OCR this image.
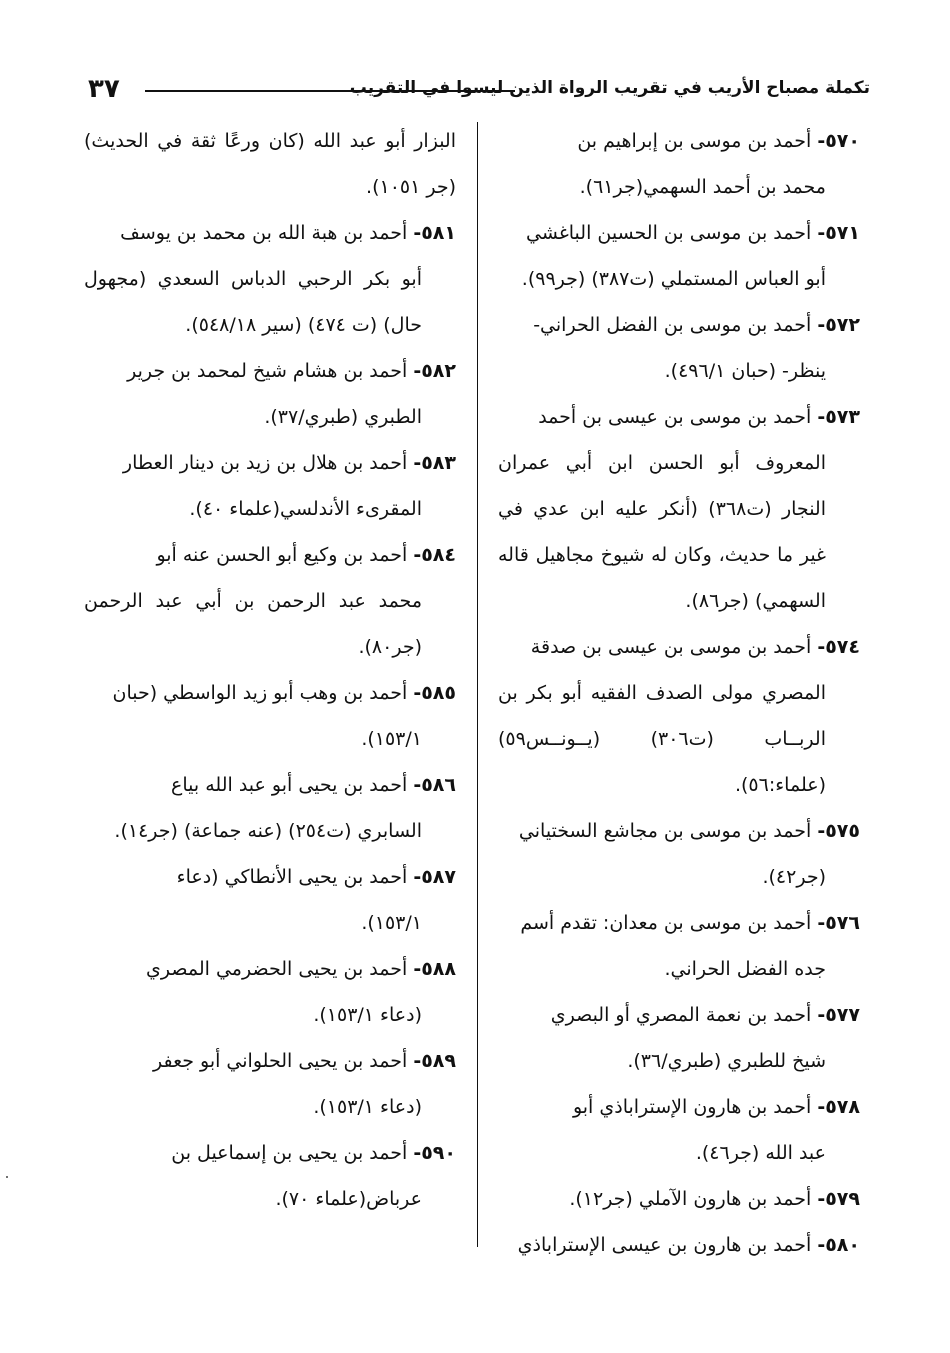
٣٧	تكملة مصباح الأريب في تقريب الرواة الذين ليسوا في التقريب

٥٧٠- أحمد بن موسى بن إبراهيم بن
محمد بن أحمد السهمي(جر٦١).

٥٧١- أحمد بن موسى بن الحسين الباغشي
أبو العباس المستملي (ت٣٨٧) (جر٩٩).

٥٧٢- أحمد بن موسى بن الفضل الحراني-
ينظر- (حبان ٤٩٦/١).

٥٧٣- أحمد بن موسى بن عيسى بن أحمد
المعروف أبو الحسن ابن أبي عمران النجار (ت٣٦٨) (أنكر عليه ابن عدي في غير ما حديث، وكان له شيوخ مجاهيل قاله السهمي) (جر٨٦).

٥٧٤- أحمد بن موسى بن عيسى بن صدقة
المصري مولى الصدف الفقيه أبو بكر بن الربــاب (ت٣٠٦) (يــونــس٥٩) (علماء:٥٦).

٥٧٥- أحمد بن موسى بن مجاشع السختياني
(جر٤٢).

٥٧٦- أحمد بن موسى بن معدان: تقدم أسم
جده الفضل الحراني.

٥٧٧- أحمد بن نعمة المصري أو البصري
شيخ للطبري (طبري/٣٦).

٥٧٨- أحمد بن هارون الإستراباذي أبو
عبد الله (جر٤٦).

٥٧٩- أحمد بن هارون الآملي (جر١٢).

٥٨٠- أحمد بن هارون بن عيسى الإستراباذي

البزار أبو عبد الله (كان ورعًا ثقة في الحديث) (جر ١٠٥١).

٥٨١- أحمد بن هبة الله بن محمد بن يوسف
أبو بكر الرحبي الدباس السعدي (مجهول حال) (ت ٤٧٤) (سير ٥٤٨/١٨).

٥٨٢- أحمد بن هشام شيخ لمحمد بن جرير
الطبري (طبري/٣٧).

٥٨٣- أحمد بن هلال بن زيد بن دينار العطار
المقرىء الأندلسي(علماء ٤٠).

٥٨٤- أحمد بن وكيع أبو الحسن عنه أبو
محمد عبد الرحمن بن أبي عبد الرحمن (جر٨٠).

٥٨٥- أحمد بن وهب أبو زيد الواسطي (حبان
١٥٣/١).

٥٨٦- أحمد بن يحيى أبو عبد الله بياع
السابري (ت٢٥٤) (عنه جماعة) (جر١٤).

٥٨٧- أحمد بن يحيى الأنطاكي (دعاء
١٥٣/١).

٥٨٨- أحمد بن يحيى الحضرمي المصري
(دعاء ١٥٣/١).

٥٨٩- أحمد بن يحيى الحلواني أبو جعفر
(دعاء ١٥٣/١).

٥٩٠- أحمد بن يحيى بن إسماعيل بن
عرباض(علماء ٧٠).
